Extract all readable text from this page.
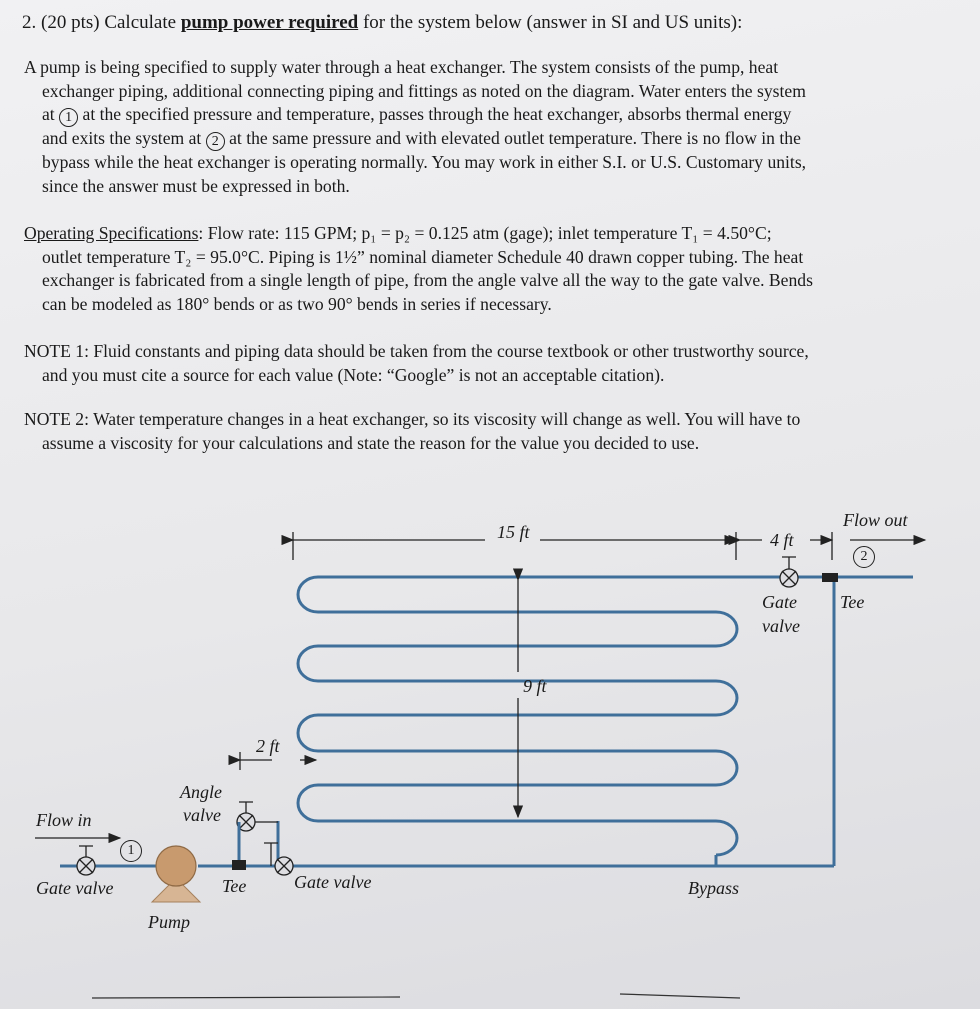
2. (20 pts) Calculate pump power required for the system below (answer in SI and US units):
A pump is being specified to supply water through a heat exchanger. The system consists of the pump, heat
exchanger piping, additional connecting piping and fittings as noted on the diagram. Water enters the system
at 1 at the specified pressure and temperature, passes through the heat exchanger, absorbs thermal energy
and exits the system at 2 at the same pressure and with elevated outlet temperature. There is no flow in the
bypass while the heat exchanger is operating normally. You may work in either S.I. or U.S. Customary units,
since the answer must be expressed in both.
Operating Specifications: Flow rate: 115 GPM; p₁ = p₂ = 0.125 atm (gage); inlet temperature T₁ = 4.50°C;
outlet temperature T₂ = 95.0°C. Piping is 1½” nominal diameter Schedule 40 drawn copper tubing. The heat
exchanger is fabricated from a single length of pipe, from the angle valve all the way to the gate valve. Bends
can be modeled as 180° bends or as two 90° bends in series if necessary.
NOTE 1: Fluid constants and piping data should be taken from the course textbook or other trustworthy source,
and you must cite a source for each value (Note: “Google” is not an acceptable citation).
NOTE 2: Water temperature changes in a heat exchanger, so its viscosity will change as well. You will have to
assume a viscosity for your calculations and state the reason for the value you decided to use.
15 ft	4 ft
Flow out
2
Gate
valve
Tee
9 ft
2 ft
Angle
valve
Flow in
1
Gate valve	Tee	Gate valve	Bypass
Pump
